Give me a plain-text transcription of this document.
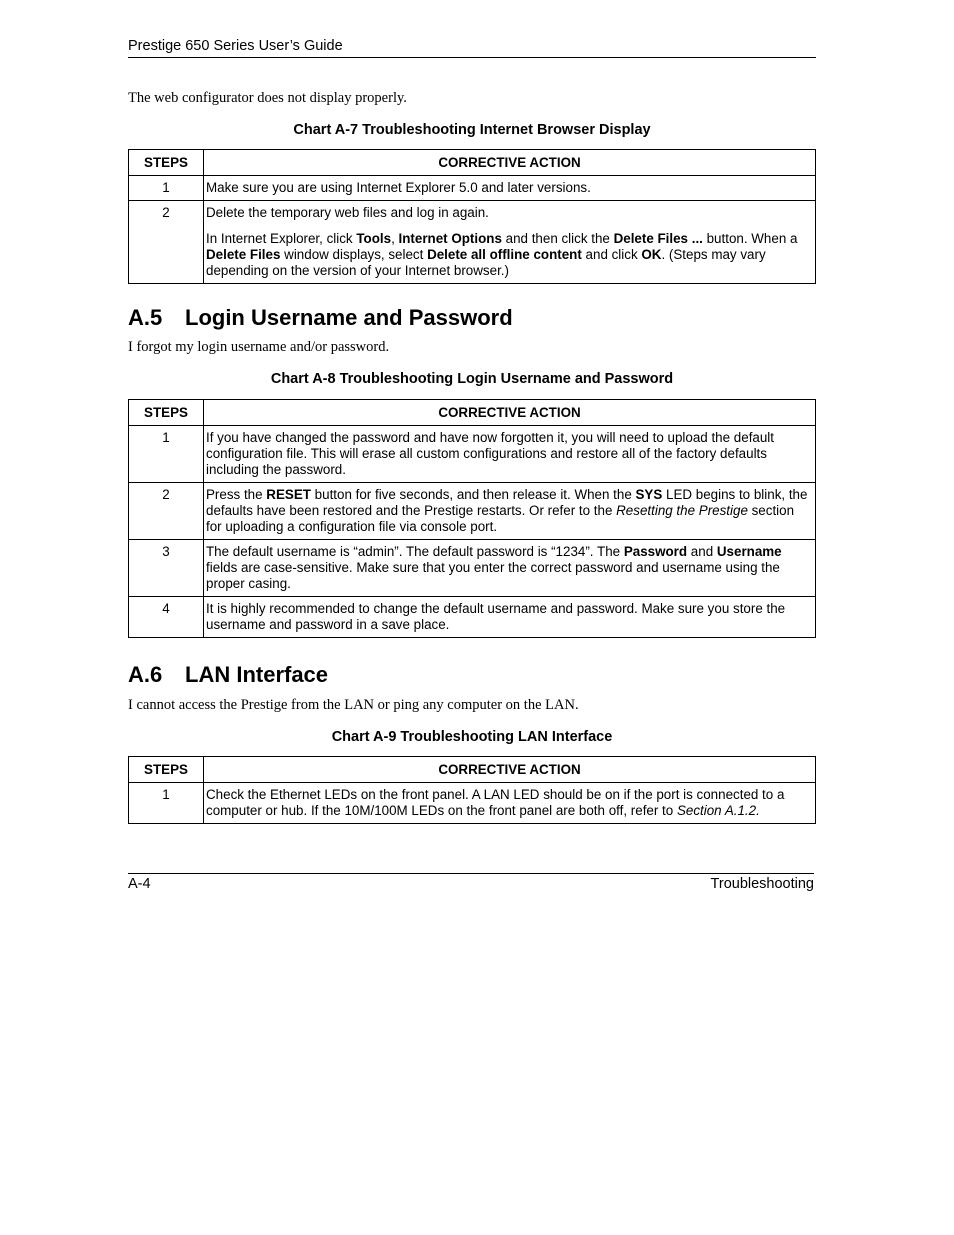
Prestige 650 Series User’s Guide
The web configurator does not display properly.
Chart A-7 Troubleshooting Internet Browser Display
STEPS	CORRECTIVE ACTION
1	Make sure you are using Internet Explorer 5.0 and later versions.
2	Delete the temporary web files and log in again.
In Internet Explorer, click Tools, Internet Options and then click the Delete Files ... button. When a Delete Files window displays, select Delete all offline content and click OK. (Steps may vary depending on the version of your Internet browser.)
A.5 Login Username and Password
I forgot my login username and/or password.
Chart A-8 Troubleshooting Login Username and Password
STEPS	CORRECTIVE ACTION
1	If you have changed the password and have now forgotten it, you will need to upload the default configuration file. This will erase all custom configurations and restore all of the factory defaults including the password.
2	Press the RESET button for five seconds, and then release it. When the SYS LED begins to blink, the defaults have been restored and the Prestige restarts. Or refer to the Resetting the Prestige section for uploading a configuration file via console port.
3	The default username is “admin”. The default password is “1234”. The Password and Username fields are case-sensitive. Make sure that you enter the correct password and username using the proper casing.
4	It is highly recommended to change the default username and password. Make sure you store the username and password in a save place.
A.6 LAN Interface
I cannot access the Prestige from the LAN or ping any computer on the LAN.
Chart A-9 Troubleshooting LAN Interface
STEPS	CORRECTIVE ACTION
1	Check the Ethernet LEDs on the front panel. A LAN LED should be on if the port is connected to a computer or hub. If the 10M/100M LEDs on the front panel are both off, refer to Section A.1.2.
A-4	Troubleshooting
